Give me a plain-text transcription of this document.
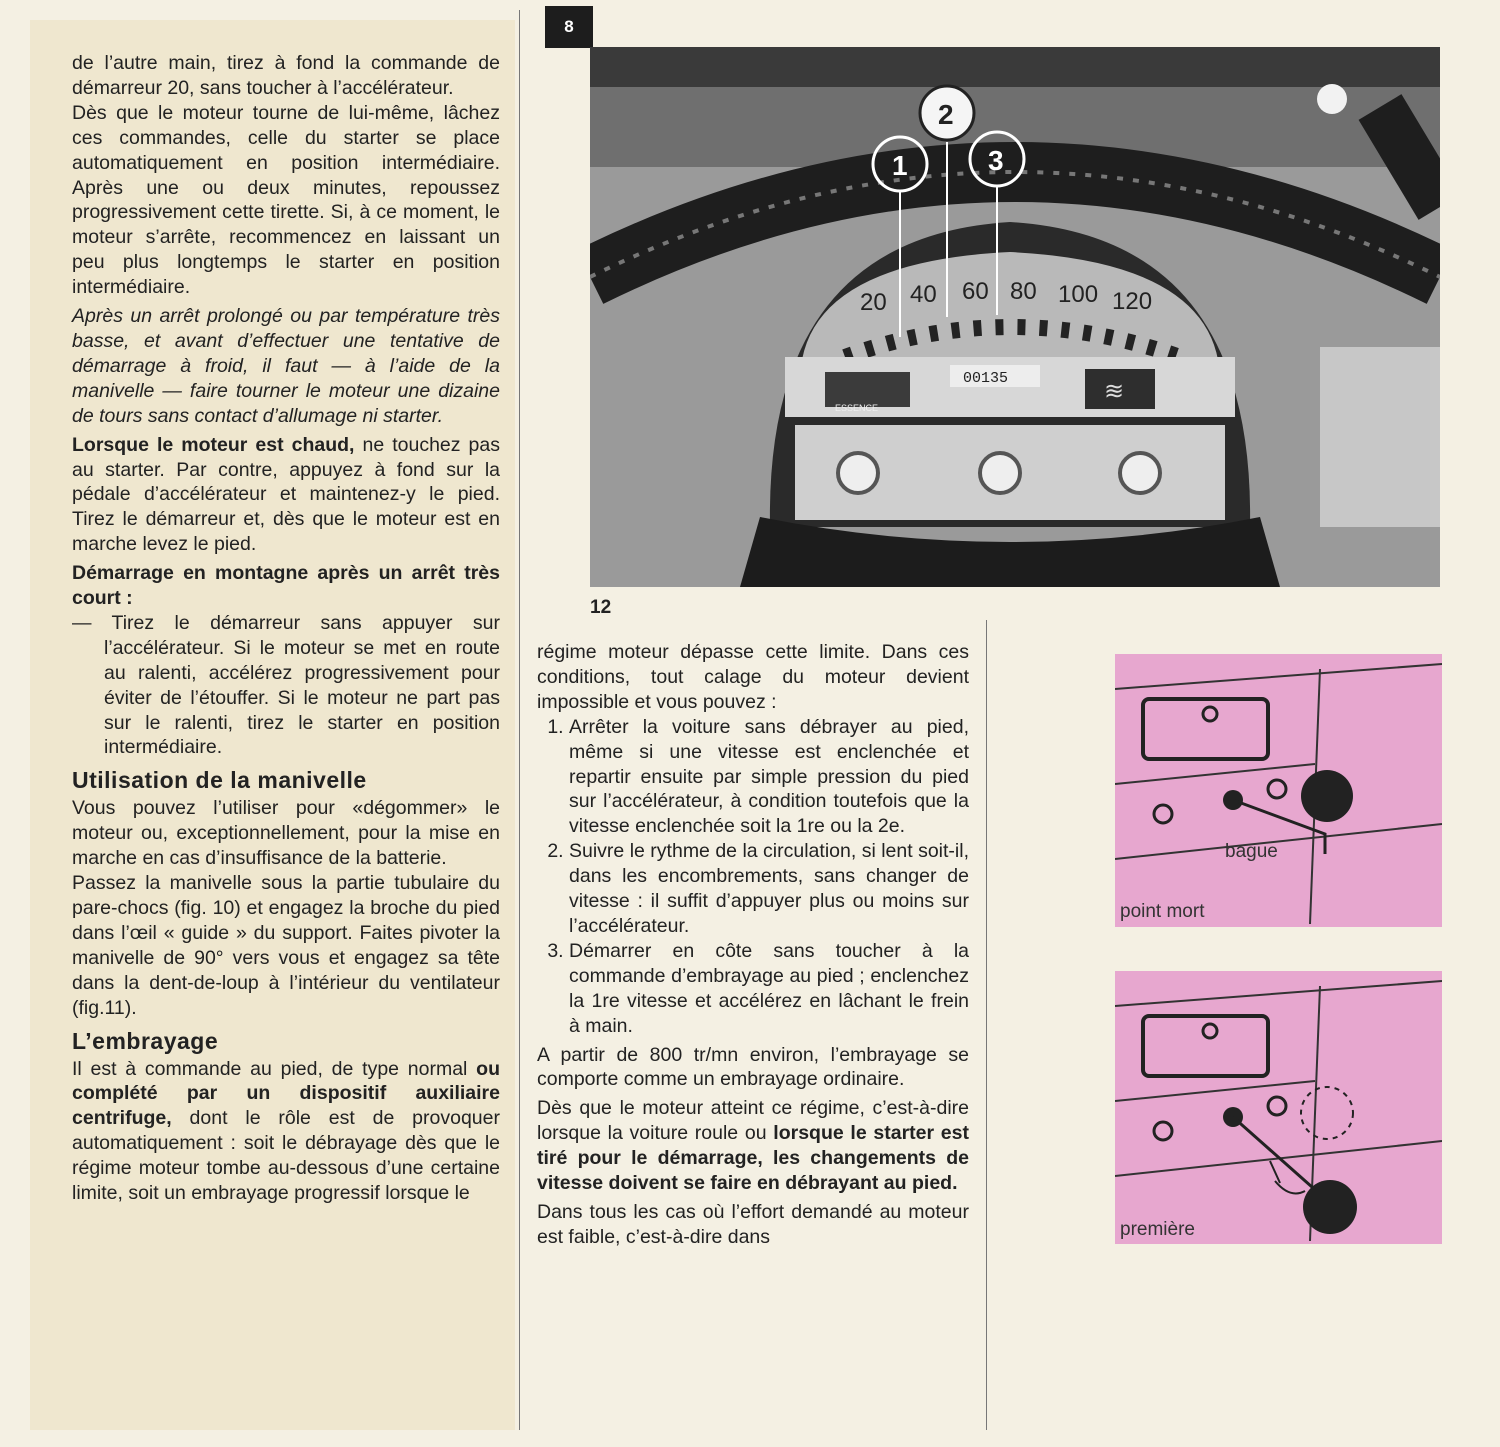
de l’autre main, tirez à fond la commande de démarreur 20, sans toucher à l’accélérateur.

Dès que le moteur tourne de lui-même, lâchez ces commandes, celle du starter se place automatiquement en position intermédiaire. Après une ou deux minutes, repoussez progressivement cette tirette. Si, à ce moment, le moteur s’arrête, recommencez en laissant un peu plus longtemps le starter en position intermédiaire.

Après un arrêt prolongé ou par température très basse, et avant d’effectuer une tentative de démarrage à froid, il faut — à l’aide de la manivelle — faire tourner le moteur une dizaine de tours sans contact d’allumage ni starter.

Lorsque le moteur est chaud, ne touchez pas au starter. Par contre, appuyez à fond sur la pédale d’accélérateur et maintenez-y le pied. Tirez le démarreur et, dès que le moteur est en marche levez le pied.

Démarrage en montagne après un arrêt très court :

— Tirez le démarreur sans appuyer sur l’accélérateur. Si le moteur se met en route au ralenti, accélérez progressivement pour éviter de l’étouffer. Si le moteur ne part pas sur le ralenti, tirez le starter en position intermédiaire.

Utilisation de la manivelle

Vous pouvez l’utiliser pour «dégommer» le moteur ou, exceptionnellement, pour la mise en marche en cas d’insuffisance de la batterie.

Passez la manivelle sous la partie tubulaire du pare-chocs (fig. 10) et engagez la broche du pied dans l’œil « guide » du support. Faites pivoter la manivelle de 90° vers vous et engagez sa tête dans la dent-de-loup à l’intérieur du ventilateur (fig.11).

L’embrayage

Il est à commande au pied, de type normal ou complété par un dispositif auxiliaire centrifuge, dont le rôle est de provoquer automatiquement : soit le débrayage dès que le régime moteur tombe au-dessous d’une certaine limite, soit un embrayage progressif lorsque le

8
ESSENCE
00135	≋
20 40 60 80 100 120
1
2
3
12

régime moteur dépasse cette limite. Dans ces conditions, tout calage du moteur devient impossible et vous pouvez :

1. Arrêter la voiture sans débrayer au pied, même si une vitesse est enclenchée et repartir ensuite par simple pression du pied sur l’accélérateur, à condition toutefois que la vitesse enclenchée soit la 1re ou la 2e.
2. Suivre le rythme de la circulation, si lent soit-il, dans les encombrements, sans changer de vitesse : il suffit d’appuyer plus ou moins sur l’accélérateur.
3. Démarrer en côte sans toucher à la commande d’embrayage au pied ; enclenchez la 1re vitesse et accélérez en lâchant le frein à main.

A partir de 800 tr/mn environ, l’embrayage se comporte comme un embrayage ordinaire.

Dès que le moteur atteint ce régime, c’est-à-dire lorsque la voiture roule ou lorsque le starter est tiré pour le démarrage, les changements de vitesse doivent se faire en débrayant au pied.

Dans tous les cas où l’effort demandé au moteur est faible, c’est-à-dire dans

bague
point mort
première
